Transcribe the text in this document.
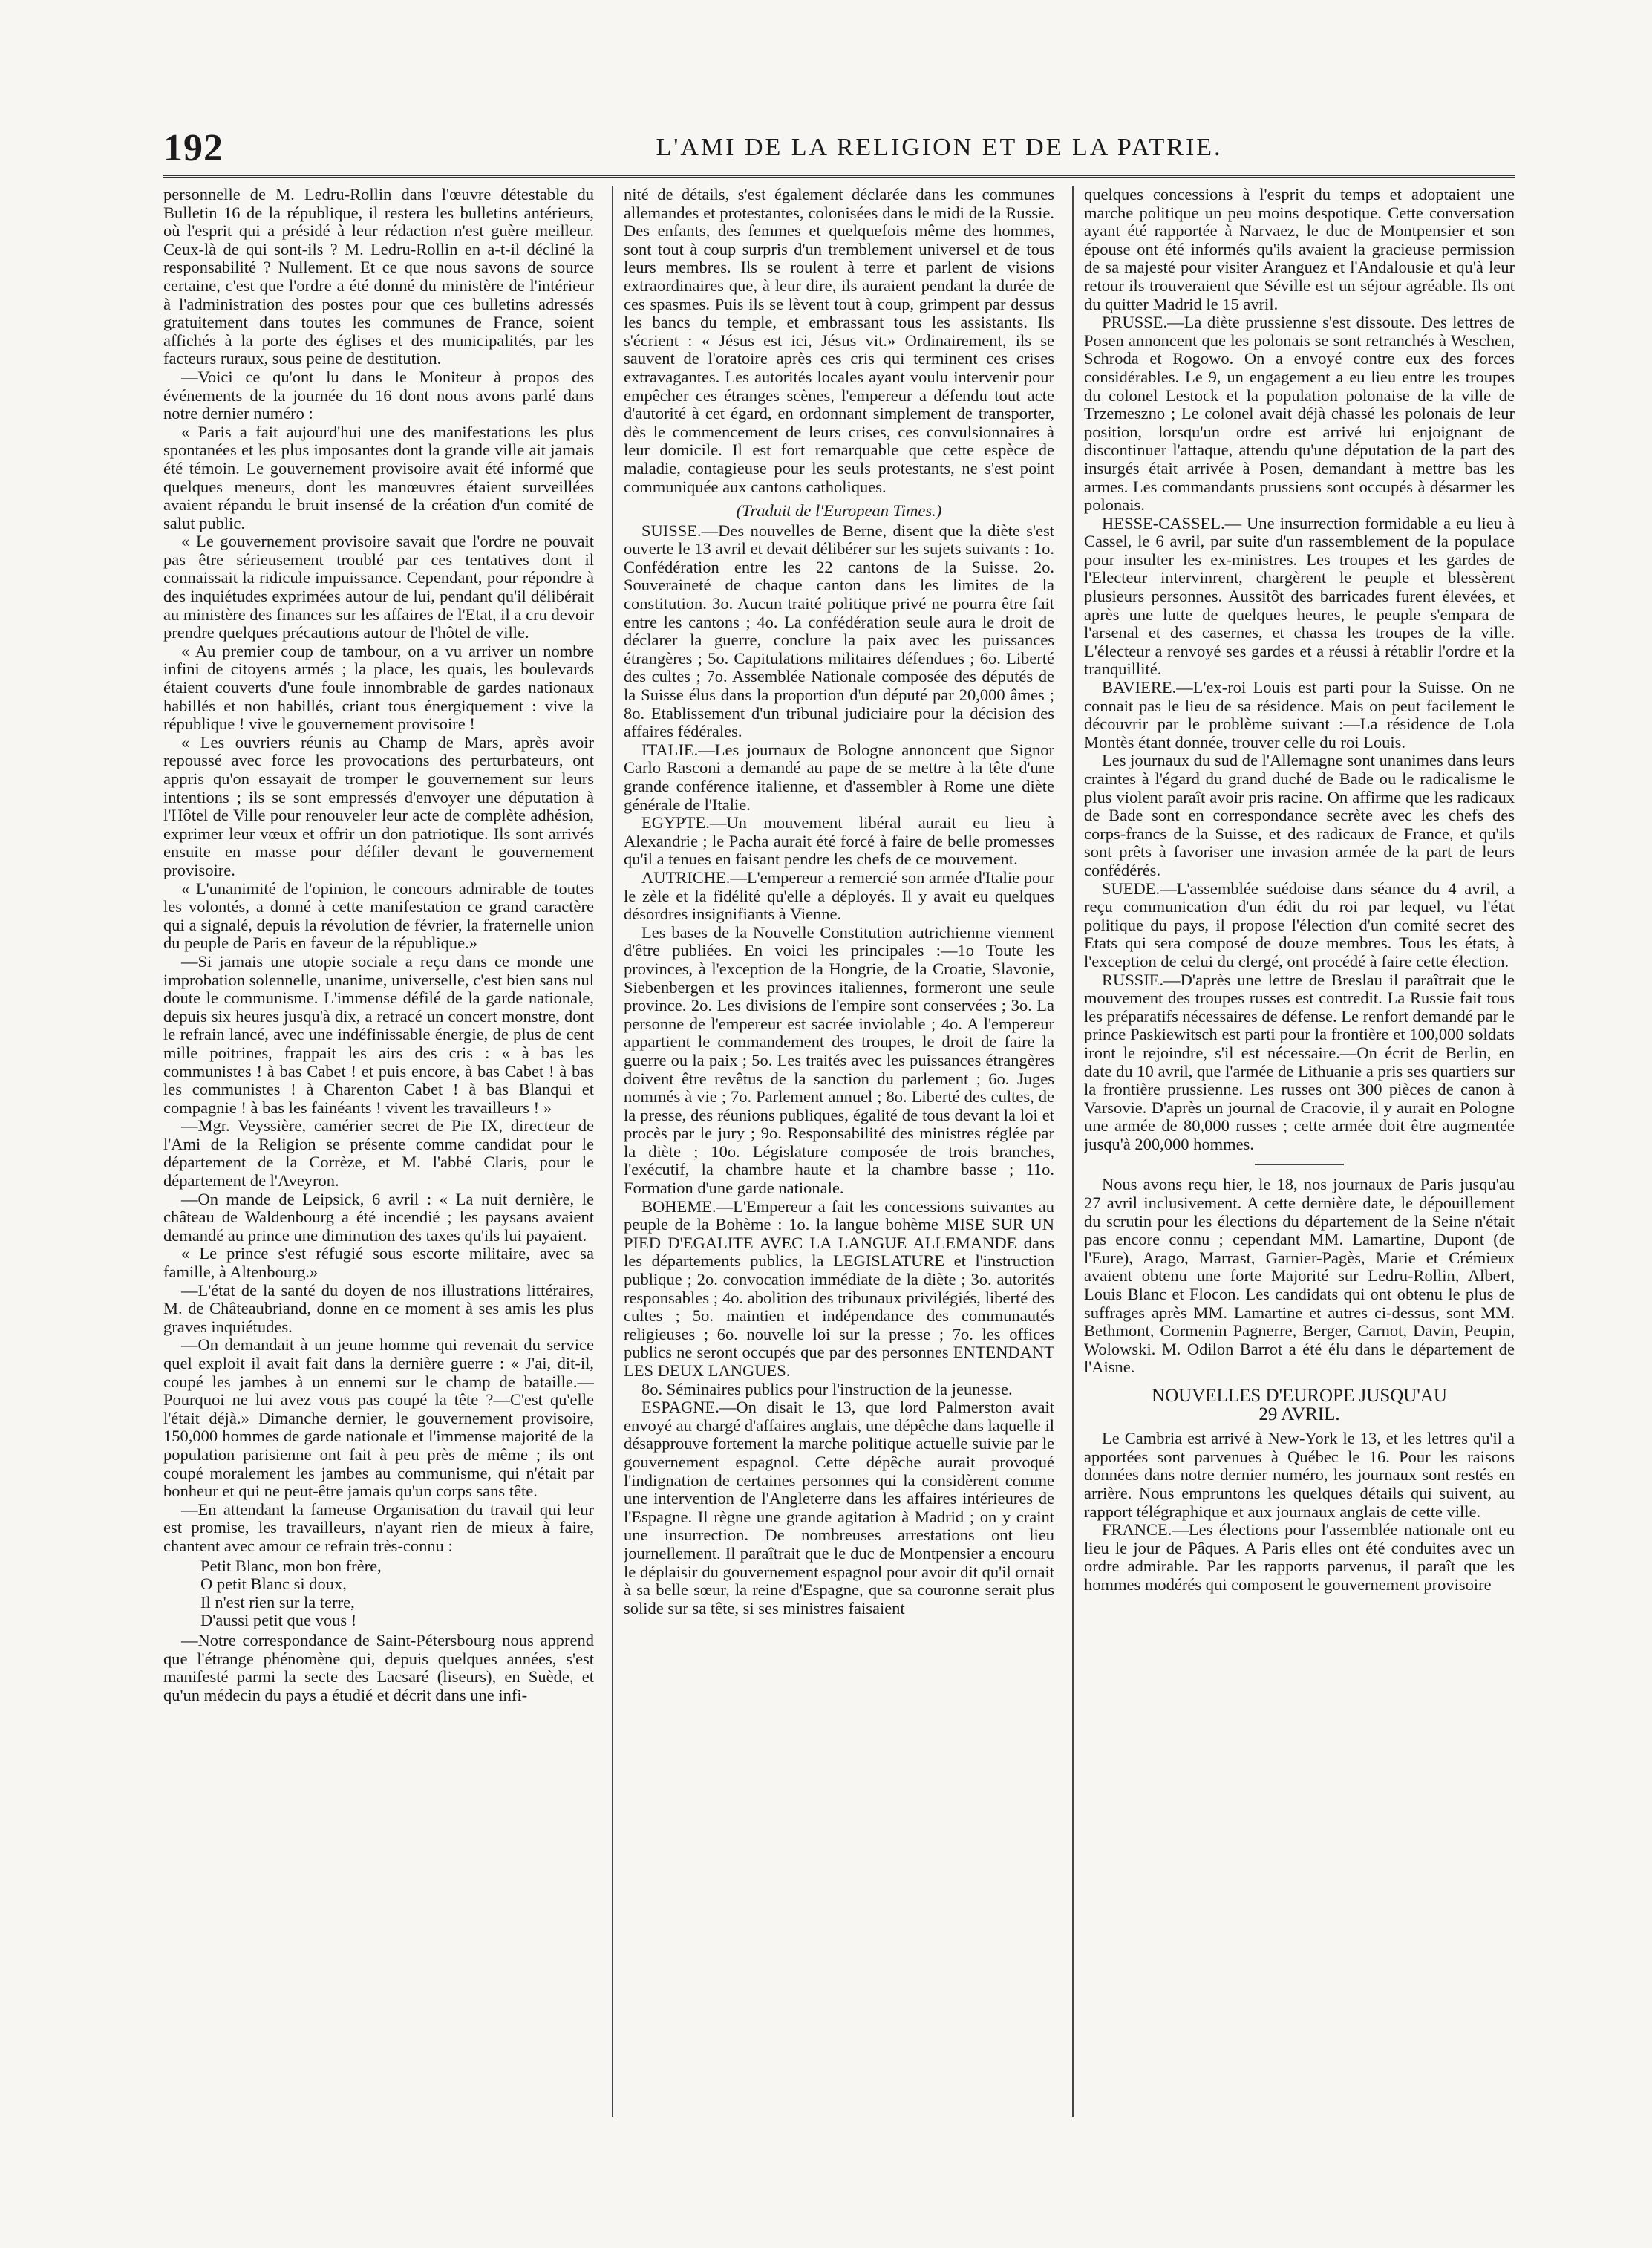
192	L'AMI DE LA RELIGION ET DE LA PATRIE.

personnelle de M. Ledru-Rollin dans l'œuvre détestable du Bulletin 16 de la république, il restera les bulletins antérieurs, où l'esprit qui a présidé à leur rédaction n'est guère meilleur. Ceux-là de qui sont-ils ? M. Ledru-Rollin en a-t-il décliné la responsabilité ? Nullement. Et ce que nous savons de source certaine, c'est que l'ordre a été donné du ministère de l'intérieur à l'administration des postes pour que ces bulletins adressés gratuitement dans toutes les communes de France, soient affichés à la porte des églises et des municipalités, par les facteurs ruraux, sous peine de destitution.

—Voici ce qu'ont lu dans le Moniteur à propos des événements de la journée du 16 dont nous avons parlé dans notre dernier numéro :

« Paris a fait aujourd'hui une des manifestations les plus spontanées et les plus imposantes dont la grande ville ait jamais été témoin. Le gouvernement provisoire avait été informé que quelques meneurs, dont les manœuvres étaient surveillées avaient répandu le bruit insensé de la création d'un comité de salut public.

« Le gouvernement provisoire savait que l'ordre ne pouvait pas être sérieusement troublé par ces tentatives dont il connaissait la ridicule impuissance. Cependant, pour répondre à des inquiétudes exprimées autour de lui, pendant qu'il délibérait au ministère des finances sur les affaires de l'Etat, il a cru devoir prendre quelques précautions autour de l'hôtel de ville.

« Au premier coup de tambour, on a vu arriver un nombre infini de citoyens armés ; la place, les quais, les boulevards étaient couverts d'une foule innombrable de gardes nationaux habillés et non habillés, criant tous énergiquement : vive la république ! vive le gouvernement provisoire !

« Les ouvriers réunis au Champ de Mars, après avoir repoussé avec force les provocations des perturbateurs, ont appris qu'on essayait de tromper le gouvernement sur leurs intentions ; ils se sont empressés d'envoyer une députation à l'Hôtel de Ville pour renouveler leur acte de complète adhésion, exprimer leur vœux et offrir un don patriotique. Ils sont arrivés ensuite en masse pour défiler devant le gouvernement provisoire.

« L'unanimité de l'opinion, le concours admirable de toutes les volontés, a donné à cette manifestation ce grand caractère qui a signalé, depuis la révolution de février, la fraternelle union du peuple de Paris en faveur de la république.»

—Si jamais une utopie sociale a reçu dans ce monde une improbation solennelle, unanime, universelle, c'est bien sans nul doute le communisme. L'immense défilé de la garde nationale, depuis six heures jusqu'à dix, a retracé un concert monstre, dont le refrain lancé, avec une indéfinissable énergie, de plus de cent mille poitrines, frappait les airs des cris : « à bas les communistes ! à bas Cabet ! et puis encore, à bas Cabet ! à bas les communistes ! à Charenton Cabet ! à bas Blanqui et compagnie ! à bas les fainéants ! vivent les travailleurs ! »

—Mgr. Veyssière, camérier secret de Pie IX, directeur de l'Ami de la Religion se présente comme candidat pour le département de la Corrèze, et M. l'abbé Claris, pour le département de l'Aveyron.

—On mande de Leipsick, 6 avril : « La nuit dernière, le château de Waldenbourg a été incendié ; les paysans avaient demandé au prince une diminution des taxes qu'ils lui payaient.

« Le prince s'est réfugié sous escorte militaire, avec sa famille, à Altenbourg.»

—L'état de la santé du doyen de nos illustrations littéraires, M. de Châteaubriand, donne en ce moment à ses amis les plus graves inquiétudes.

—On demandait à un jeune homme qui revenait du service quel exploit il avait fait dans la dernière guerre : « J'ai, dit-il, coupé les jambes à un ennemi sur le champ de bataille.—Pourquoi ne lui avez vous pas coupé la tête ?—C'est qu'elle l'était déjà.» Dimanche dernier, le gouvernement provisoire, 150,000 hommes de garde nationale et l'immense majorité de la population parisienne ont fait à peu près de même ; ils ont coupé moralement les jambes au communisme, qui n'était par bonheur et qui ne peut-être jamais qu'un corps sans tête.

—En attendant la fameuse Organisation du travail qui leur est promise, les travailleurs, n'ayant rien de mieux à faire, chantent avec amour ce refrain très-connu :

Petit Blanc, mon bon frère,
O petit Blanc si doux,
Il n'est rien sur la terre,
D'aussi petit que vous !

—Notre correspondance de Saint-Pétersbourg nous apprend que l'étrange phénomène qui, depuis quelques années, s'est manifesté parmi la secte des Lacsaré (liseurs), en Suède, et qu'un médecin du pays a étudié et décrit dans une infi-

nité de détails, s'est également déclarée dans les communes allemandes et protestantes, colonisées dans le midi de la Russie. Des enfants, des femmes et quelquefois même des hommes, sont tout à coup surpris d'un tremblement universel et de tous leurs membres. Ils se roulent à terre et parlent de visions extraordinaires que, à leur dire, ils auraient pendant la durée de ces spasmes. Puis ils se lèvent tout à coup, grimpent par dessus les bancs du temple, et embrassant tous les assistants. Ils s'écrient : « Jésus est ici, Jésus vit.» Ordinairement, ils se sauvent de l'oratoire après ces cris qui terminent ces crises extravagantes. Les autorités locales ayant voulu intervenir pour empêcher ces étranges scènes, l'empereur a défendu tout acte d'autorité à cet égard, en ordonnant simplement de transporter, dès le commencement de leurs crises, ces convulsionnaires à leur domicile. Il est fort remarquable que cette espèce de maladie, contagieuse pour les seuls protestants, ne s'est point communiquée aux cantons catholiques.

(Traduit de l'European Times.)

SUISSE.—Des nouvelles de Berne, disent que la diète s'est ouverte le 13 avril et devait délibérer sur les sujets suivants : 1o. Confédération entre les 22 cantons de la Suisse. 2o. Souveraineté de chaque canton dans les limites de la constitution. 3o. Aucun traité politique privé ne pourra être fait entre les cantons ; 4o. La confédération seule aura le droit de déclarer la guerre, conclure la paix avec les puissances étrangères ; 5o. Capitulations militaires défendues ; 6o. Liberté des cultes ; 7o. Assemblée Nationale composée des députés de la Suisse élus dans la proportion d'un député par 20,000 âmes ; 8o. Etablissement d'un tribunal judiciaire pour la décision des affaires fédérales.

ITALIE.—Les journaux de Bologne annoncent que Signor Carlo Rasconi a demandé au pape de se mettre à la tête d'une grande conférence italienne, et d'assembler à Rome une diète générale de l'Italie.

EGYPTE.—Un mouvement libéral aurait eu lieu à Alexandrie ; le Pacha aurait été forcé à faire de belle promesses qu'il a tenues en faisant pendre les chefs de ce mouvement.

AUTRICHE.—L'empereur a remercié son armée d'Italie pour le zèle et la fidélité qu'elle a déployés. Il y avait eu quelques désordres insignifiants à Vienne.

Les bases de la Nouvelle Constitution autrichienne viennent d'être publiées. En voici les principales :—1o Toute les provinces, à l'exception de la Hongrie, de la Croatie, Slavonie, Siebenbergen et les provinces italiennes, formeront une seule province. 2o. Les divisions de l'empire sont conservées ; 3o. La personne de l'empereur est sacrée inviolable ; 4o. A l'empereur appartient le commandement des troupes, le droit de faire la guerre ou la paix ; 5o. Les traités avec les puissances étrangères doivent être revêtus de la sanction du parlement ; 6o. Juges nommés à vie ; 7o. Parlement annuel ; 8o. Liberté des cultes, de la presse, des réunions publiques, égalité de tous devant la loi et procès par le jury ; 9o. Responsabilité des ministres réglée par la diète ; 10o. Législature composée de trois branches, l'exécutif, la chambre haute et la chambre basse ; 11o. Formation d'une garde nationale.

BOHEME.—L'Empereur a fait les concessions suivantes au peuple de la Bohème : 1o. la langue bohème MISE SUR UN PIED D'EGALITE AVEC LA LANGUE ALLEMANDE dans les départements publics, la LEGISLATURE et l'instruction publique ; 2o. convocation immédiate de la diète ; 3o. autorités responsables ; 4o. abolition des tribunaux privilégiés, liberté des cultes ; 5o. maintien et indépendance des communautés religieuses ; 6o. nouvelle loi sur la presse ; 7o. les offices publics ne seront occupés que par des personnes ENTENDANT LES DEUX LANGUES.

8o. Séminaires publics pour l'instruction de la jeunesse.

ESPAGNE.—On disait le 13, que lord Palmerston avait envoyé au chargé d'affaires anglais, une dépêche dans laquelle il désapprouve fortement la marche politique actuelle suivie par le gouvernement espagnol. Cette dépêche aurait provoqué l'indignation de certaines personnes qui la considèrent comme une intervention de l'Angleterre dans les affaires intérieures de l'Espagne. Il règne une grande agitation à Madrid ; on y craint une insurrection. De nombreuses arrestations ont lieu journellement. Il paraîtrait que le duc de Montpensier a encouru le déplaisir du gouvernement espagnol pour avoir dit qu'il ornait à sa belle sœur, la reine d'Espagne, que sa couronne serait plus solide sur sa tête, si ses ministres faisaient

quelques concessions à l'esprit du temps et adoptaient une marche politique un peu moins despotique. Cette conversation ayant été rapportée à Narvaez, le duc de Montpensier et son épouse ont été informés qu'ils avaient la gracieuse permission de sa majesté pour visiter Aranguez et l'Andalousie et qu'à leur retour ils trouveraient que Séville est un séjour agréable. Ils ont du quitter Madrid le 15 avril.

PRUSSE.—La diète prussienne s'est dissoute. Des lettres de Posen annoncent que les polonais se sont retranchés à Weschen, Schroda et Rogowo. On a envoyé contre eux des forces considérables. Le 9, un engagement a eu lieu entre les troupes du colonel Lestock et la population polonaise de la ville de Trzemeszno ; Le colonel avait déjà chassé les polonais de leur position, lorsqu'un ordre est arrivé lui enjoignant de discontinuer l'attaque, attendu qu'une députation de la part des insurgés était arrivée à Posen, demandant à mettre bas les armes. Les commandants prussiens sont occupés à désarmer les polonais.

HESSE-CASSEL.— Une insurrection formidable a eu lieu à Cassel, le 6 avril, par suite d'un rassemblement de la populace pour insulter les ex-ministres. Les troupes et les gardes de l'Electeur intervinrent, chargèrent le peuple et blessèrent plusieurs personnes. Aussitôt des barricades furent élevées, et après une lutte de quelques heures, le peuple s'empara de l'arsenal et des casernes, et chassa les troupes de la ville. L'électeur a renvoyé ses gardes et a réussi à rétablir l'ordre et la tranquillité.

BAVIERE.—L'ex-roi Louis est parti pour la Suisse. On ne connait pas le lieu de sa résidence. Mais on peut facilement le découvrir par le problème suivant :—La résidence de Lola Montès étant donnée, trouver celle du roi Louis.

Les journaux du sud de l'Allemagne sont unanimes dans leurs craintes à l'égard du grand duché de Bade ou le radicalisme le plus violent paraît avoir pris racine. On affirme que les radicaux de Bade sont en correspondance secrète avec les chefs des corps-francs de la Suisse, et des radicaux de France, et qu'ils sont prêts à favoriser une invasion armée de la part de leurs confédérés.

SUEDE.—L'assemblée suédoise dans séance du 4 avril, a reçu communication d'un édit du roi par lequel, vu l'état politique du pays, il propose l'élection d'un comité secret des Etats qui sera composé de douze membres. Tous les états, à l'exception de celui du clergé, ont procédé à faire cette élection.

RUSSIE.—D'après une lettre de Breslau il paraîtrait que le mouvement des troupes russes est contredit. La Russie fait tous les préparatifs nécessaires de défense. Le renfort demandé par le prince Paskiewitsch est parti pour la frontière et 100,000 soldats iront le rejoindre, s'il est nécessaire.—On écrit de Berlin, en date du 10 avril, que l'armée de Lithuanie a pris ses quartiers sur la frontière prussienne. Les russes ont 300 pièces de canon à Varsovie. D'après un journal de Cracovie, il y aurait en Pologne une armée de 80,000 russes ; cette armée doit être augmentée jusqu'à 200,000 hommes.

Nous avons reçu hier, le 18, nos journaux de Paris jusqu'au 27 avril inclusivement. A cette dernière date, le dépouillement du scrutin pour les élections du département de la Seine n'était pas encore connu ; cependant MM. Lamartine, Dupont (de l'Eure), Arago, Marrast, Garnier-Pagès, Marie et Crémieux avaient obtenu une forte Majorité sur Ledru-Rollin, Albert, Louis Blanc et Flocon. Les candidats qui ont obtenu le plus de suffrages après MM. Lamartine et autres ci-dessus, sont MM. Bethmont, Cormenin Pagnerre, Berger, Carnot, Davin, Peupin, Wolowski. M. Odilon Barrot a été élu dans le département de l'Aisne.

NOUVELLES D'EUROPE JUSQU'AU

29 AVRIL.

Le Cambria est arrivé à New-York le 13, et les lettres qu'il a apportées sont parvenues à Québec le 16. Pour les raisons données dans notre dernier numéro, les journaux sont restés en arrière. Nous empruntons les quelques détails qui suivent, au rapport télégraphique et aux journaux anglais de cette ville.

FRANCE.—Les élections pour l'assemblée nationale ont eu lieu le jour de Pâques. A Paris elles ont été conduites avec un ordre admirable. Par les rapports parvenus, il paraît que les hommes modérés qui composent le gouvernement provisoire
